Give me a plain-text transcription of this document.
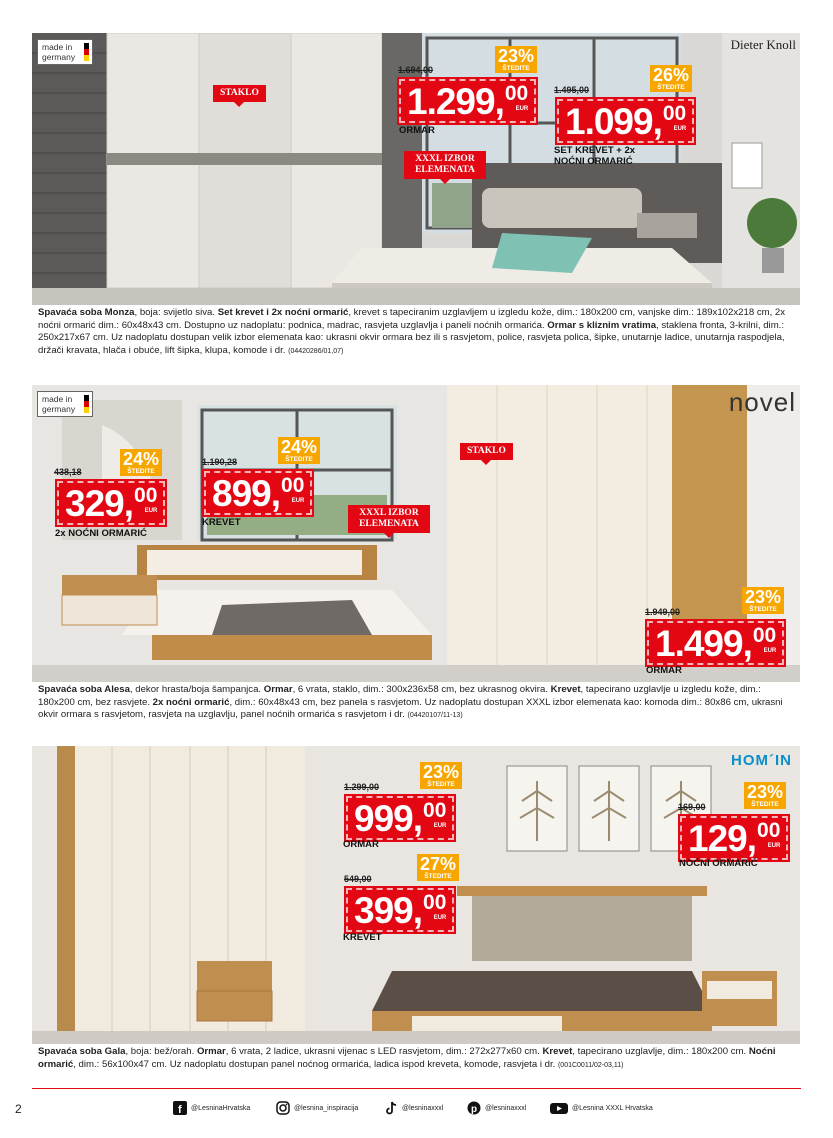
made in germany
Dieter Knoll
STAKLO
XXXL IZBOR ELEMENATA
1.694,00
1.299, 00
EUR
23%
ŠTEDITE
ORMAR
1.495,00
1.099, 00
EUR
26%
ŠTEDITE
SET KREVET + 2x NOĆNI ORMARIĆ
Spavaća soba Monza, boja: svijetlo siva. Set krevet i 2x noćni ormarić, krevet s tapeciranim uzglavljem u izgledu kože, dim.: 180x200 cm, vanjske dim.: 189x102x218 cm, 2x noćni ormarić dim.: 60x48x43 cm. Dostupno uz nadoplatu: podnica, madrac, rasvjeta uzglavlja i paneli noćnih ormarića. Ormar s kliznim vratima, staklena fronta, 3-krilni, dim.: 250x217x67 cm. Uz nadoplatu dostupan velik izbor elemenata kao: ukrasni okvir ormara bez ili s rasvjetom, police, rasvjeta polica, šipke, unutarnje ladice, unutarnja raspodjela, držači kravata, hlača i obuće, lift šipka, klupa, komode i dr. (04420286/01,07)
made in germany	novel
STAKLO
XXXL IZBOR ELEMENATA
438,18
329, 00
EUR
24%
ŠTEDITE
2x NOĆNI ORMARIĆ
1.190,28
899, 00
EUR
24%
ŠTEDITE
KREVET
1.949,00
1.499, 00
EUR
23%
ŠTEDITE
ORMAR
Spavaća soba Alesa, dekor hrasta/boja šampanjca. Ormar, 6 vrata, staklo, dim.: 300x236x58 cm, bez ukrasnog okvira. Krevet, tapecirano uzglavlje u izgledu kože, dim.: 180x200 cm, bez rasvjete. 2x noćni ormarić, dim.: 60x48x43 cm, bez panela s rasvjetom. Uz nadoplatu dostupan XXXL izbor elemenata kao: komoda dim.: 80x86 cm, ukrasni okvir ormara s rasvjetom, rasvjeta na uzglavlju, panel noćnih ormarića s rasvjetom i dr. (04420107/11-13)
HOM´IN
1.299,00
999, 00
EUR
23%
ŠTEDITE
ORMAR
549,00
399, 00
EUR
27%
ŠTEDITE
KREVET
169,00
129, 00
EUR
23%
ŠTEDITE
NOĆNI ORMARIĆ
Spavaća soba Gala, boja: bež/orah. Ormar, 6 vrata, 2 ladice, ukrasni vijenac s LED rasvjetom, dim.: 272x277x60 cm. Krevet, tapecirano uzglavlje, dim.: 180x200 cm. Noćni ormarić, dim.: 56x100x47 cm. Uz nadoplatu dostupan panel noćnog ormarića, ladica ispod kreveta, komode, rasvjeta i dr. (001C0011/02-03,11)
2	f @LesninaHrvatska	@lesnina_inspiracija	@lesninaxxxl	p @lesninaxxxl	@Lesnina XXXL Hrvatska
